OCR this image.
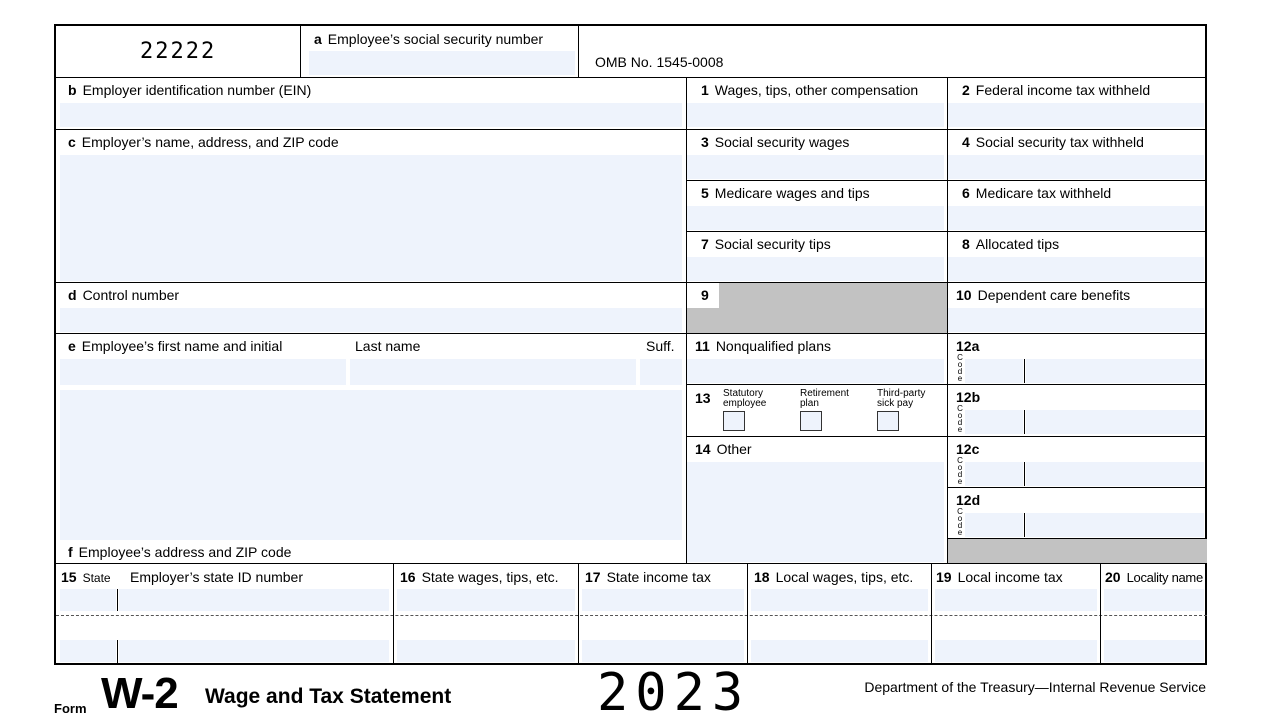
22222	a Employee’s social security number
OMB No. 1545-0008
b Employer identification number (EIN)
c Employer’s name, address, and ZIP code
d Control number
e Employee’s first name and initial	Last name	Suff.
f Employee’s address and ZIP code
1 Wages, tips, other compensation
3 Social security wages
5 Medicare wages and tips
7 Social security tips
9
11 Nonqualified plans
13	Statutory
employee
Retirement
plan
Third-party
sick pay
14 Other
2 Federal income tax withheld
4 Social security tax withheld
6 Medicare tax withheld
8 Allocated tips
10 Dependent care benefits
12a
C
o
d
e
12b
C
o
d
e
12c
C
o
d
e
12d
C
o
d
e
15 State Employer’s state ID number	16 State wages, tips, etc. 17 State income tax	18 Local wages, tips, etc. 19 Local income tax	20 Locality name
Form W-2 Wage and Tax Statement	2023	Department of the Treasury—Internal Revenue Service
